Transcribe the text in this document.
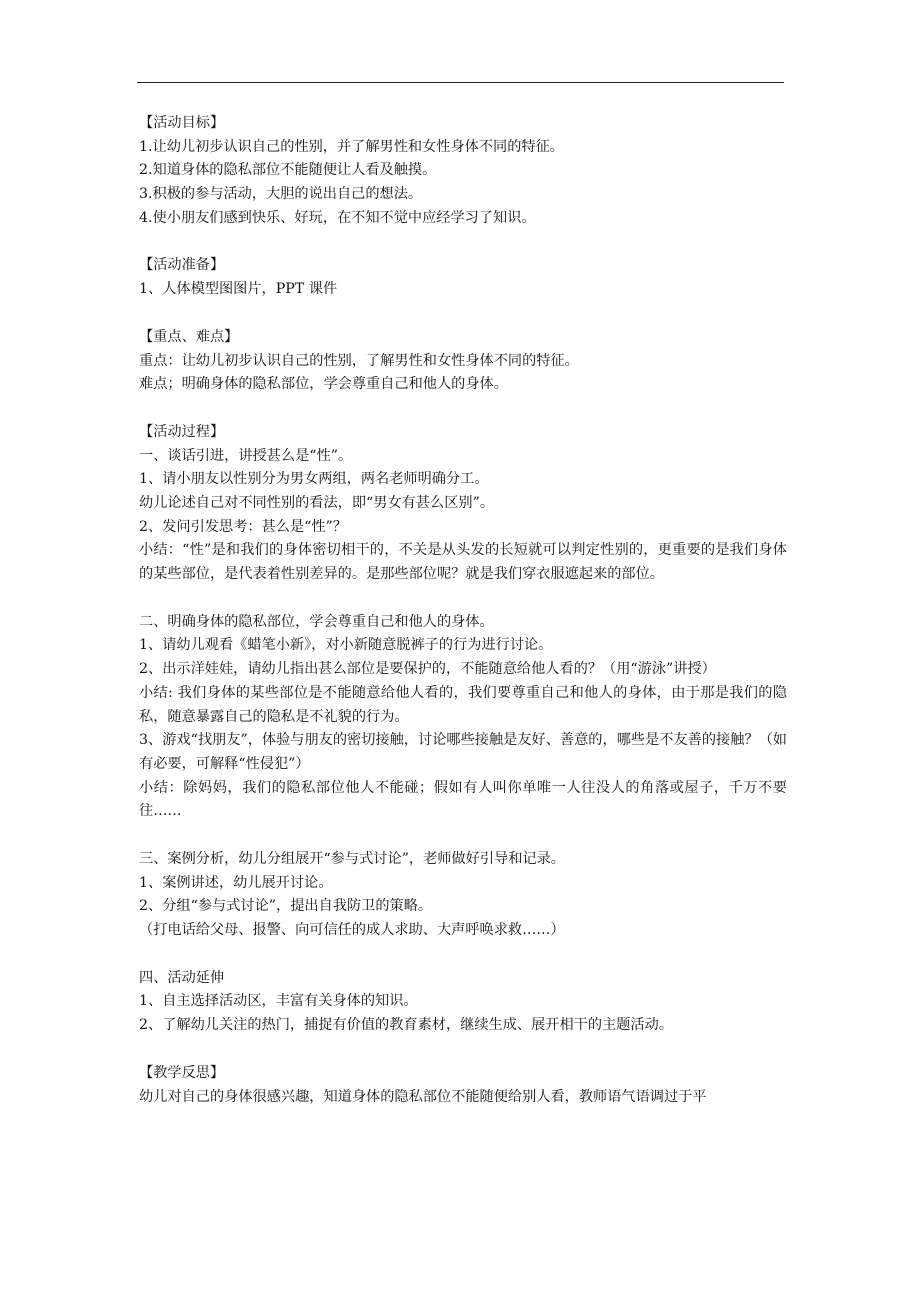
【活动目标】
1.让幼儿初步认识自己的性别，并了解男性和女性身体不同的特征。
2.知道身体的隐私部位不能随便让人看及触摸。
3.积极的参与活动，大胆的说出自己的想法。
4.使小朋友们感到快乐、好玩，在不知不觉中应经学习了知识。
【活动准备】
1、人体模型图图片，PPT 课件
【重点、难点】
重点：让幼儿初步认识自己的性别，了解男性和女性身体不同的特征。
难点；明确身体的隐私部位，学会尊重自己和他人的身体。
【活动过程】
一、谈话引进，讲授甚么是“性”。
1、请小朋友以性别分为男女两组，两名老师明确分工。
幼儿论述自己对不同性别的看法，即“男女有甚么区别”。
2、发问引发思考：甚么是“性”？
小结：“性”是和我们的身体密切相干的，不关是从头发的长短就可以判定性别的，更重要的是我们身体的某些部位，是代表着性别差异的。是那些部位呢？就是我们穿衣服遮起来的部位。
二、明确身体的隐私部位，学会尊重自己和他人的身体。
1、请幼儿观看《蜡笔小新》，对小新随意脱裤子的行为进行讨论。
2、出示洋娃娃，请幼儿指出甚么部位是要保护的，不能随意给他人看的？（用“游泳”讲授）
小结: 我们身体的某些部位是不能随意给他人看的，我们要尊重自己和他人的身体，由于那是我们的隐私，随意暴露自己的隐私是不礼貌的行为。
3、游戏“找朋友”，体验与朋友的密切接触，讨论哪些接触是友好、善意的，哪些是不友善的接触？（如有必要，可解释“性侵犯”）
小结：除妈妈，我们的隐私部位他人不能碰；假如有人叫你单唯一人往没人的角落或屋子，千万不要往……
三、案例分析，幼儿分组展开“参与式讨论”，老师做好引导和记录。
1、案例讲述，幼儿展开讨论。
2、分组“参与式讨论”，提出自我防卫的策略。
（打电话给父母、报警、向可信任的成人求助、大声呼唤求救……）
四、活动延伸
1、自主选择活动区，丰富有关身体的知识。
2、了解幼儿关注的热门，捕捉有价值的教育素材，继续生成、展开相干的主题活动。
【教学反思】
幼儿对自己的身体很感兴趣，知道身体的隐私部位不能随便给别人看，教师语气语调过于平
